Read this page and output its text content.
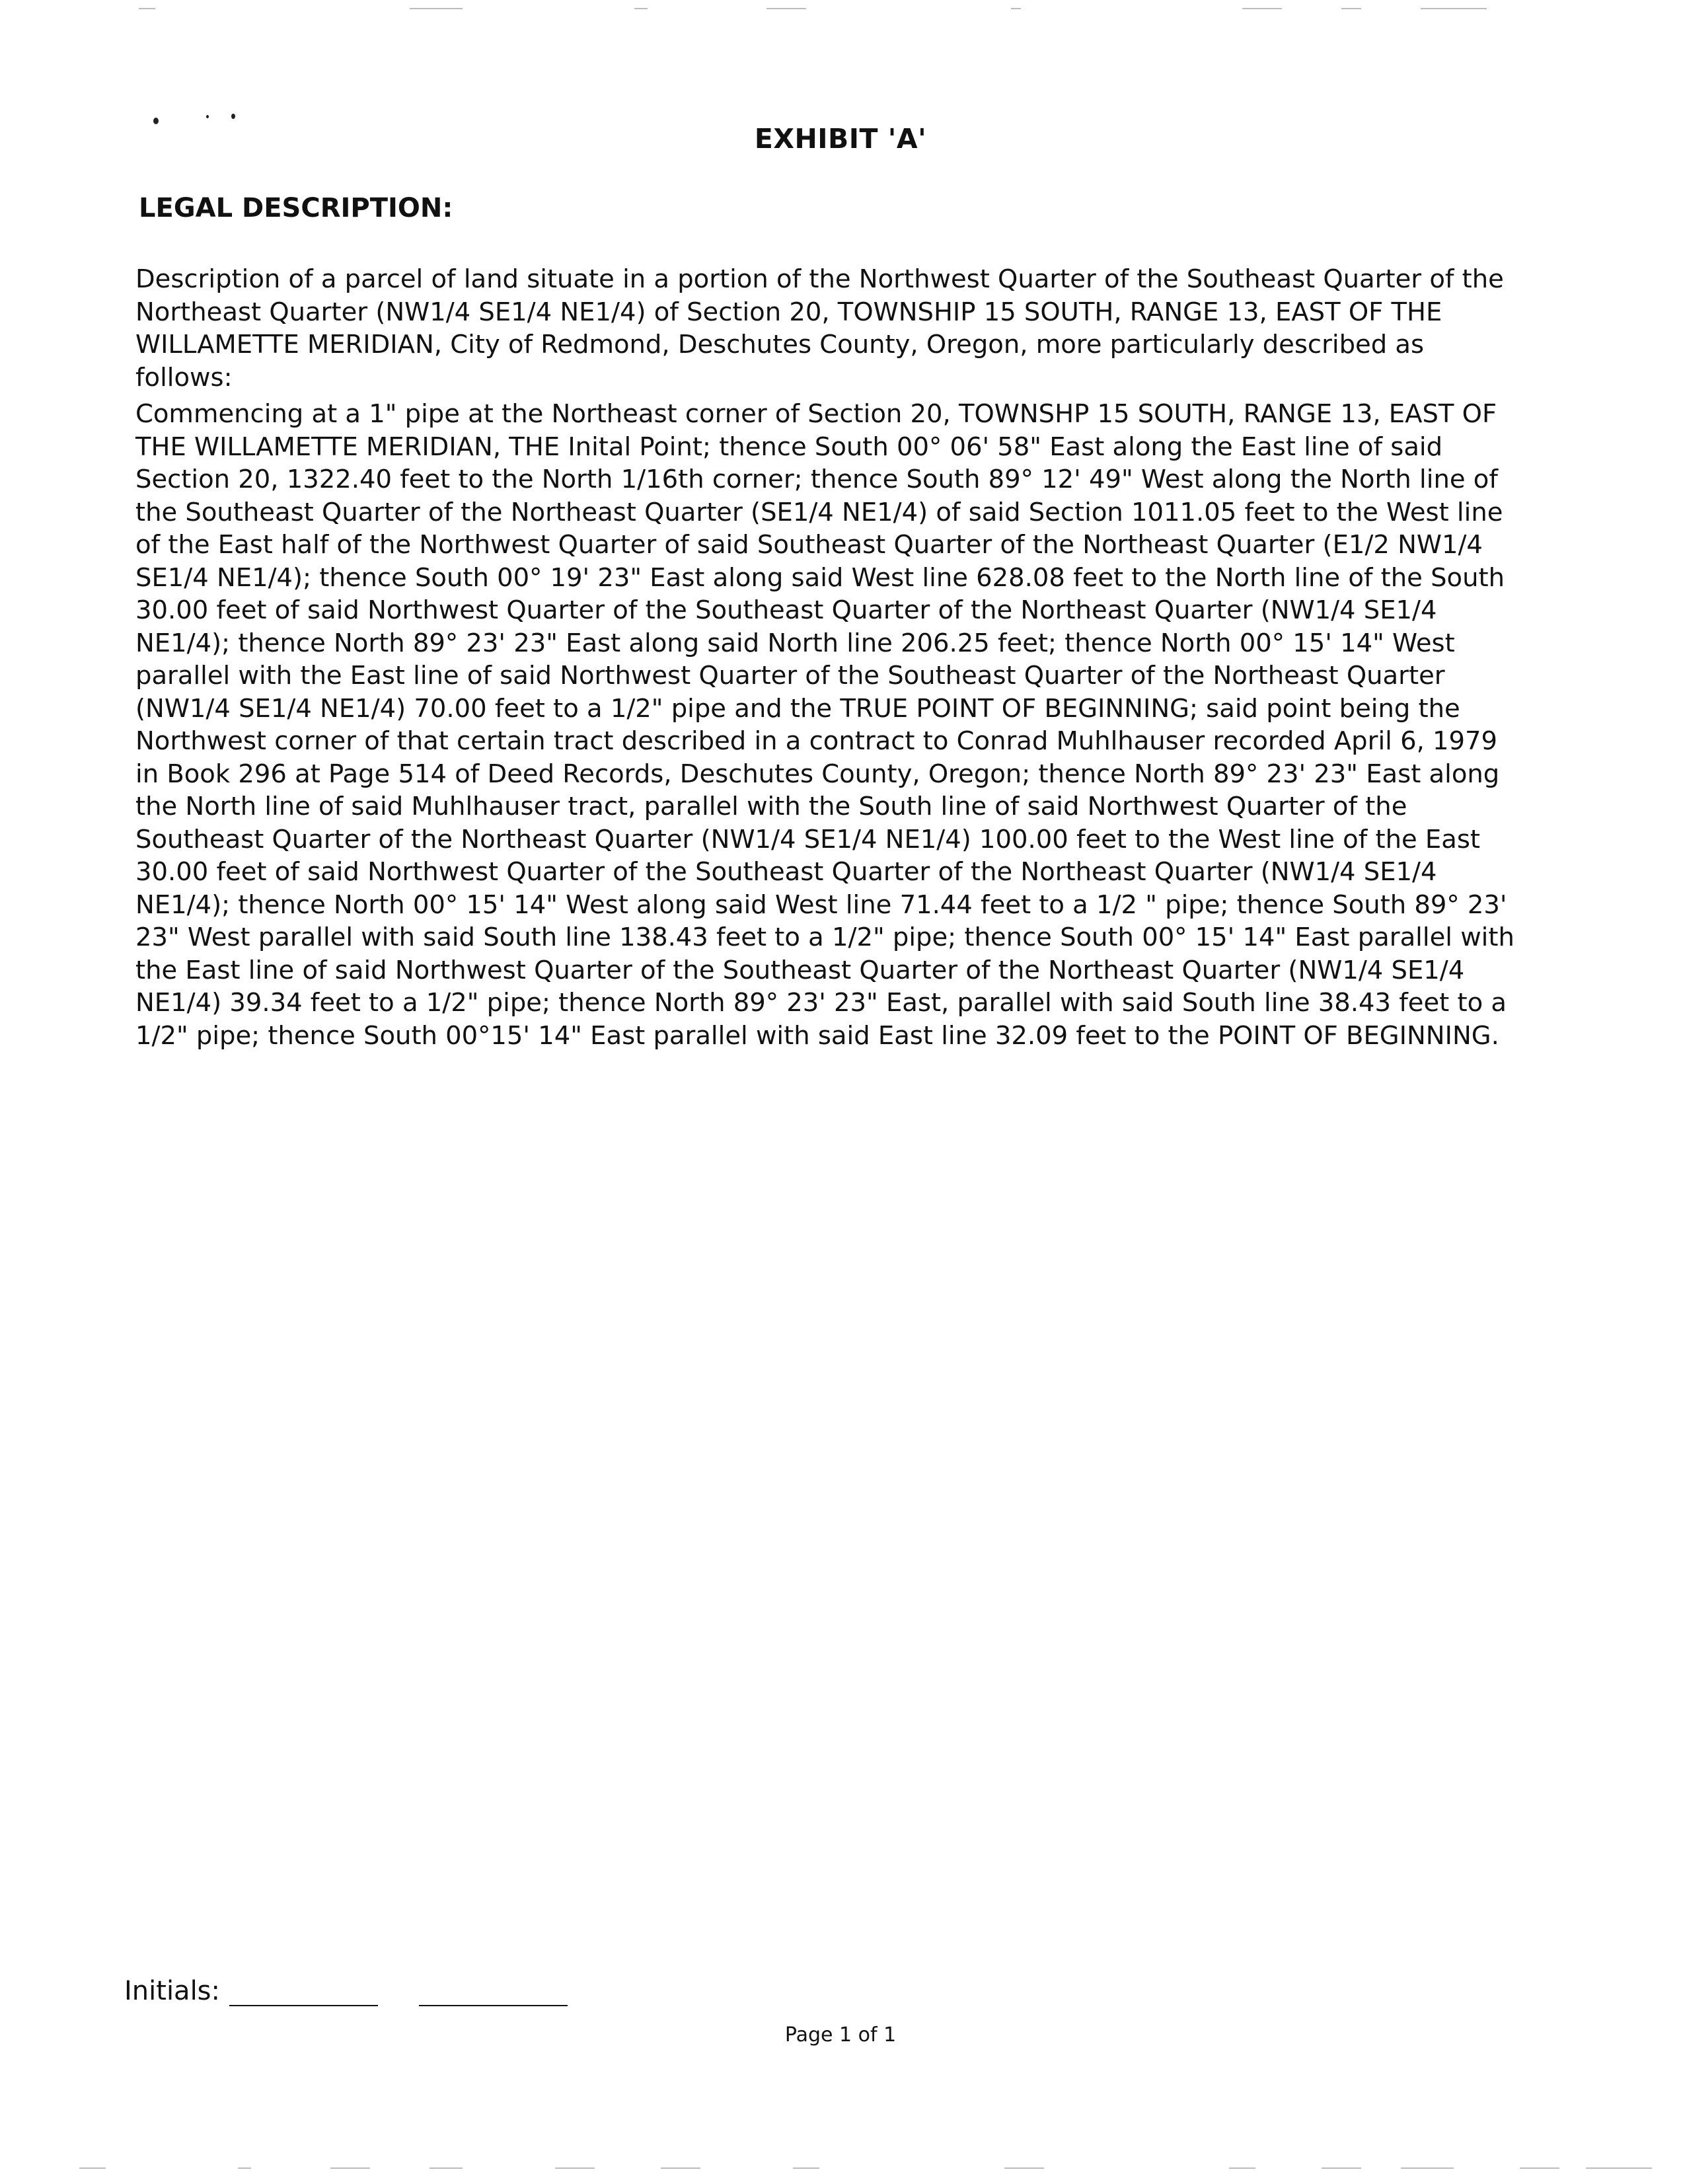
EXHIBIT 'A'
LEGAL DESCRIPTION:

Description of a parcel of land situate in a portion of the Northwest Quarter of the Southeast Quarter of the Northeast Quarter (NW1/4 SE1/4 NE1/4) of Section 20, TOWNSHIP 15 SOUTH, RANGE 13, EAST OF THE WILLAMETTE MERIDIAN, City of Redmond, Deschutes County, Oregon, more particularly described as follows:

Commencing at a 1" pipe at the Northeast corner of Section 20, TOWNSHP 15 SOUTH, RANGE 13, EAST OF THE WILLAMETTE MERIDIAN, THE Inital Point; thence South 00° 06' 58" East along the East line of said Section 20, 1322.40 feet to the North 1/16th corner; thence South 89° 12' 49" West along the North line of the Southeast Quarter of the Northeast Quarter (SE1/4 NE1/4) of said Section 1011.05 feet to the West line of the East half of the Northwest Quarter of said Southeast Quarter of the Northeast Quarter (E1/2 NW1/4 SE1/4 NE1/4); thence South 00° 19' 23" East along said West line 628.08 feet to the North line of the South 30.00 feet of said Northwest Quarter of the Southeast Quarter of the Northeast Quarter (NW1/4 SE1/4 NE1/4); thence North 89° 23' 23" East along said North line 206.25 feet; thence North 00° 15' 14" West parallel with the East line of said Northwest Quarter of the Southeast Quarter of the Northeast Quarter (NW1/4 SE1/4 NE1/4) 70.00 feet to a 1/2" pipe and the TRUE POINT OF BEGINNING; said point being the Northwest corner of that certain tract described in a contract to Conrad Muhlhauser recorded April 6, 1979 in Book 296 at Page 514 of Deed Records, Deschutes County, Oregon; thence North 89° 23' 23" East along the North line of said Muhlhauser tract, parallel with the South line of said Northwest Quarter of the Southeast Quarter of the Northeast Quarter (NW1/4 SE1/4 NE1/4) 100.00 feet to the West line of the East 30.00 feet of said Northwest Quarter of the Southeast Quarter of the Northeast Quarter (NW1/4 SE1/4 NE1/4); thence North 00° 15' 14" West along said West line 71.44 feet to a 1/2 " pipe; thence South 89° 23' 23" West parallel with said South line 138.43 feet to a 1/2" pipe; thence South 00° 15' 14" East parallel with the East line of said Northwest Quarter of the Southeast Quarter of the Northeast Quarter (NW1/4 SE1/4 NE1/4) 39.34 feet to a 1/2" pipe; thence North 89° 23' 23" East, parallel with said South line 38.43 feet to a 1/2" pipe; thence South 00°15' 14" East parallel with said East line 32.09 feet to the POINT OF BEGINNING.

Initials:

Page 1 of 1
